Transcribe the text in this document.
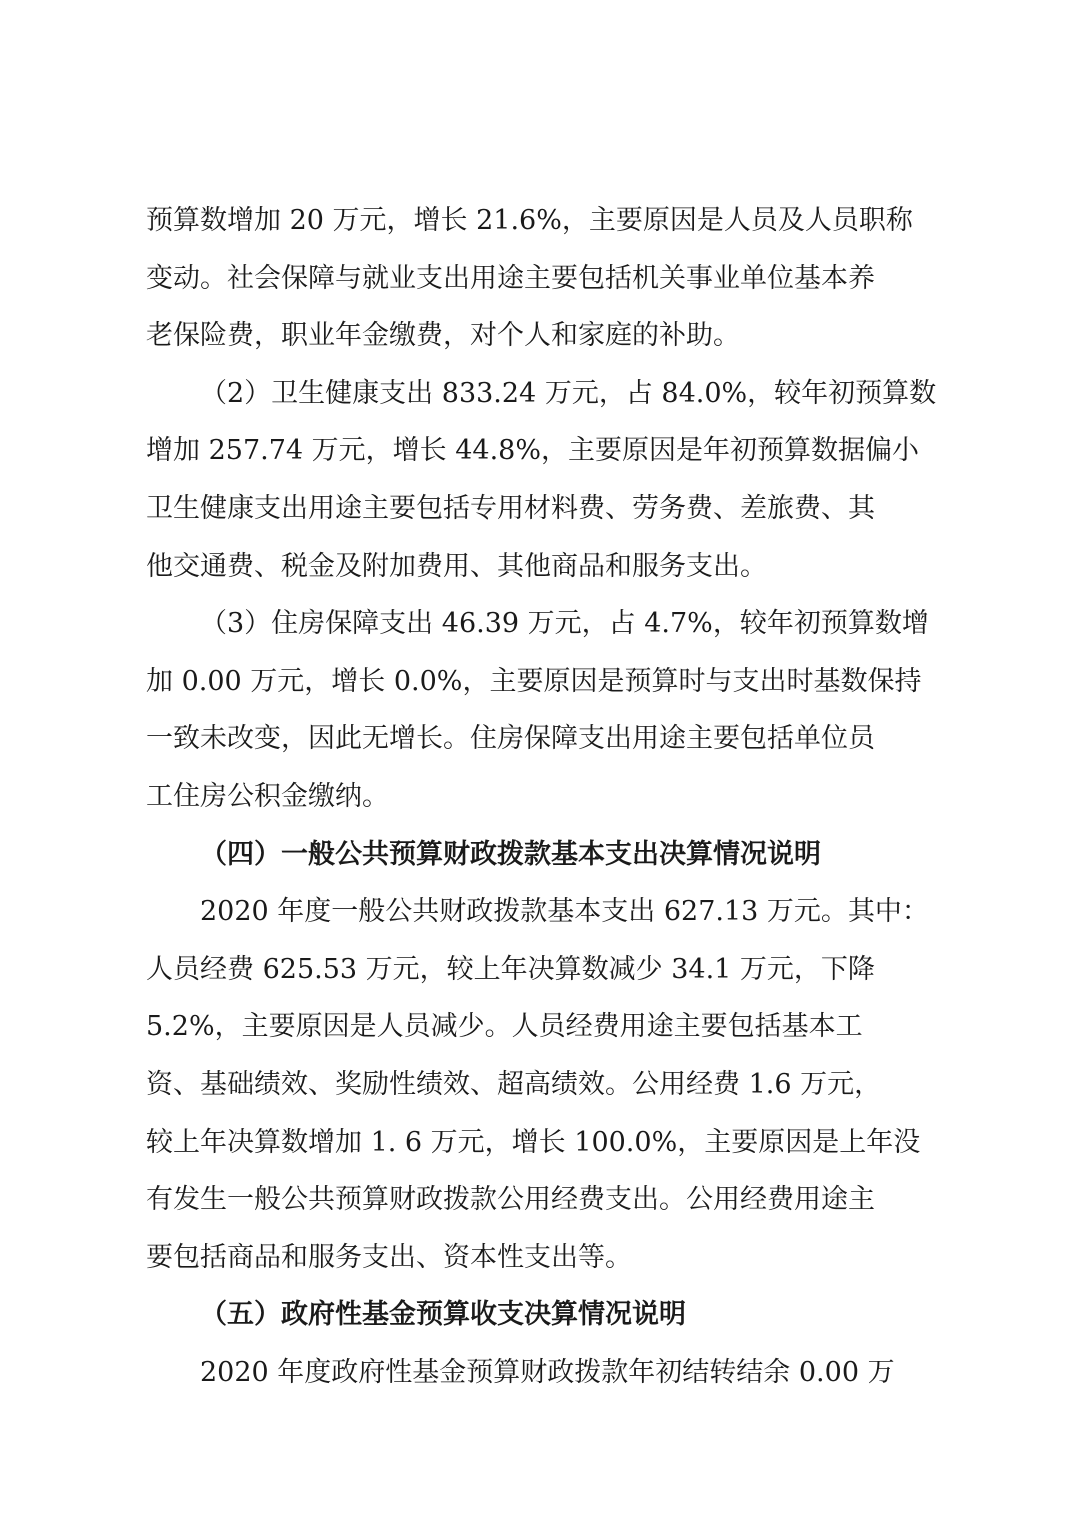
预算数增加 20 万元，增长 21.6%，主要原因是人员及人员职称
变动。社会保障与就业支出用途主要包括机关事业单位基本养
老保险费，职业年金缴费，对个人和家庭的补助。
（2）卫生健康支出 833.24 万元，占 84.0%，较年初预算数
增加 257.74 万元，增长 44.8%，主要原因是年初预算数据偏小
卫生健康支出用途主要包括专用材料费、劳务费、差旅费、其
他交通费、税金及附加费用、其他商品和服务支出。
（3）住房保障支出 46.39 万元，占 4.7%，较年初预算数增
加 0.00 万元，增长 0.0%，主要原因是预算时与支出时基数保持
一致未改变，因此无增长。住房保障支出用途主要包括单位员
工住房公积金缴纳。
（四）一般公共预算财政拨款基本支出决算情况说明
2020 年度一般公共财政拨款基本支出 627.13 万元。其中：
人员经费 625.53 万元，较上年决算数减少 34.1 万元，下降
5.2%，主要原因是人员减少。人员经费用途主要包括基本工
资、基础绩效、奖励性绩效、超高绩效。公用经费 1.6 万元，
较上年决算数增加 1. 6 万元，增长 100.0%，主要原因是上年没
有发生一般公共预算财政拨款公用经费支出。公用经费用途主
要包括商品和服务支出、资本性支出等。
（五）政府性基金预算收支决算情况说明
2020 年度政府性基金预算财政拨款年初结转结余 0.00 万
